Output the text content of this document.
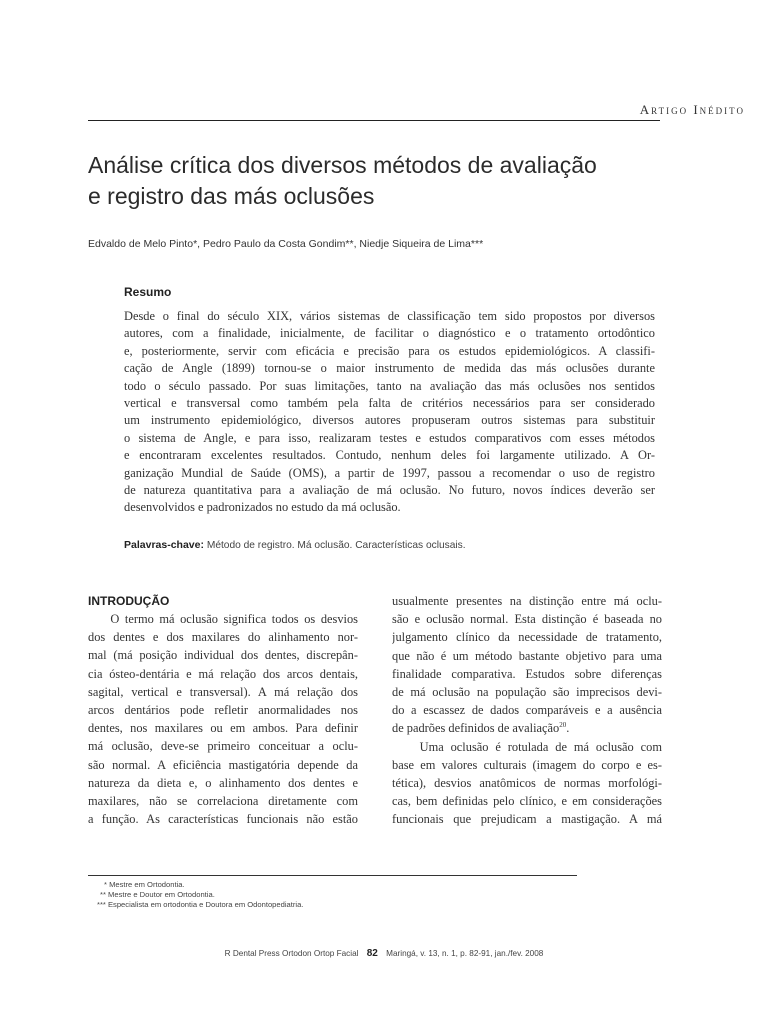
Artigo Inédito
Análise crítica dos diversos métodos de avaliação
e registro das más oclusões
Edvaldo de Melo Pinto*, Pedro Paulo da Costa Gondim**, Niedje Siqueira de Lima***
Resumo
Desde o final do século XIX, vários sistemas de classificação tem sido propostos por diversos
autores, com a finalidade, inicialmente, de facilitar o diagnóstico e o tratamento ortodôntico
e, posteriormente, servir com eficácia e precisão para os estudos epidemiológicos. A classifi-
cação de Angle (1899) tornou-se o maior instrumento de medida das más oclusões durante
todo o século passado. Por suas limitações, tanto na avaliação das más oclusões nos sentidos
vertical e transversal como também pela falta de critérios necessários para ser considerado
um instrumento epidemiológico, diversos autores propuseram outros sistemas para substituir
o sistema de Angle, e para isso, realizaram testes e estudos comparativos com esses métodos
e encontraram excelentes resultados. Contudo, nenhum deles foi largamente utilizado. A Or-
ganização Mundial de Saúde (OMS), a partir de 1997, passou a recomendar o uso de registro
de natureza quantitativa para a avaliação de má oclusão. No futuro, novos índices deverão ser
desenvolvidos e padronizados no estudo da má oclusão.
Palavras-chave: Método de registro. Má oclusão. Características oclusais.
INTRODUÇÃO
O termo má oclusão significa todos os desvios
dos dentes e dos maxilares do alinhamento nor-
mal (má posição individual dos dentes, discrepân-
cia ósteo-dentária e má relação dos arcos dentais,
sagital, vertical e transversal). A má relação dos
arcos dentários pode refletir anormalidades nos
dentes, nos maxilares ou em ambos. Para definir
má oclusão, deve-se primeiro conceituar a oclu-
são normal. A eficiência mastigatória depende da
natureza da dieta e, o alinhamento dos dentes e
maxilares, não se correlaciona diretamente com
a função. As características funcionais não estão
usualmente presentes na distinção entre má oclu-
são e oclusão normal. Esta distinção é baseada no
julgamento clínico da necessidade de tratamento,
que não é um método bastante objetivo para uma
finalidade comparativa. Estudos sobre diferenças
de má oclusão na população são imprecisos devi-
do a escassez de dados comparáveis e a ausência
de padrões definidos de avaliação$^{20}$.
Uma oclusão é rotulada de má oclusão com
base em valores culturais (imagem do corpo e es-
tética), desvios anatômicos de normas morfológi-
cas, bem definidas pelo clínico, e em considerações
funcionais que prejudicam a mastigação. A má
* Mestre em Ortodontia.
** Mestre e Doutor em Ortodontia.
*** Especialista em ortodontia e Doutora em Odontopediatria.
R Dental Press Ortodon Ortop Facial 82 Maringá, v. 13, n. 1, p. 82-91, jan./fev. 2008
